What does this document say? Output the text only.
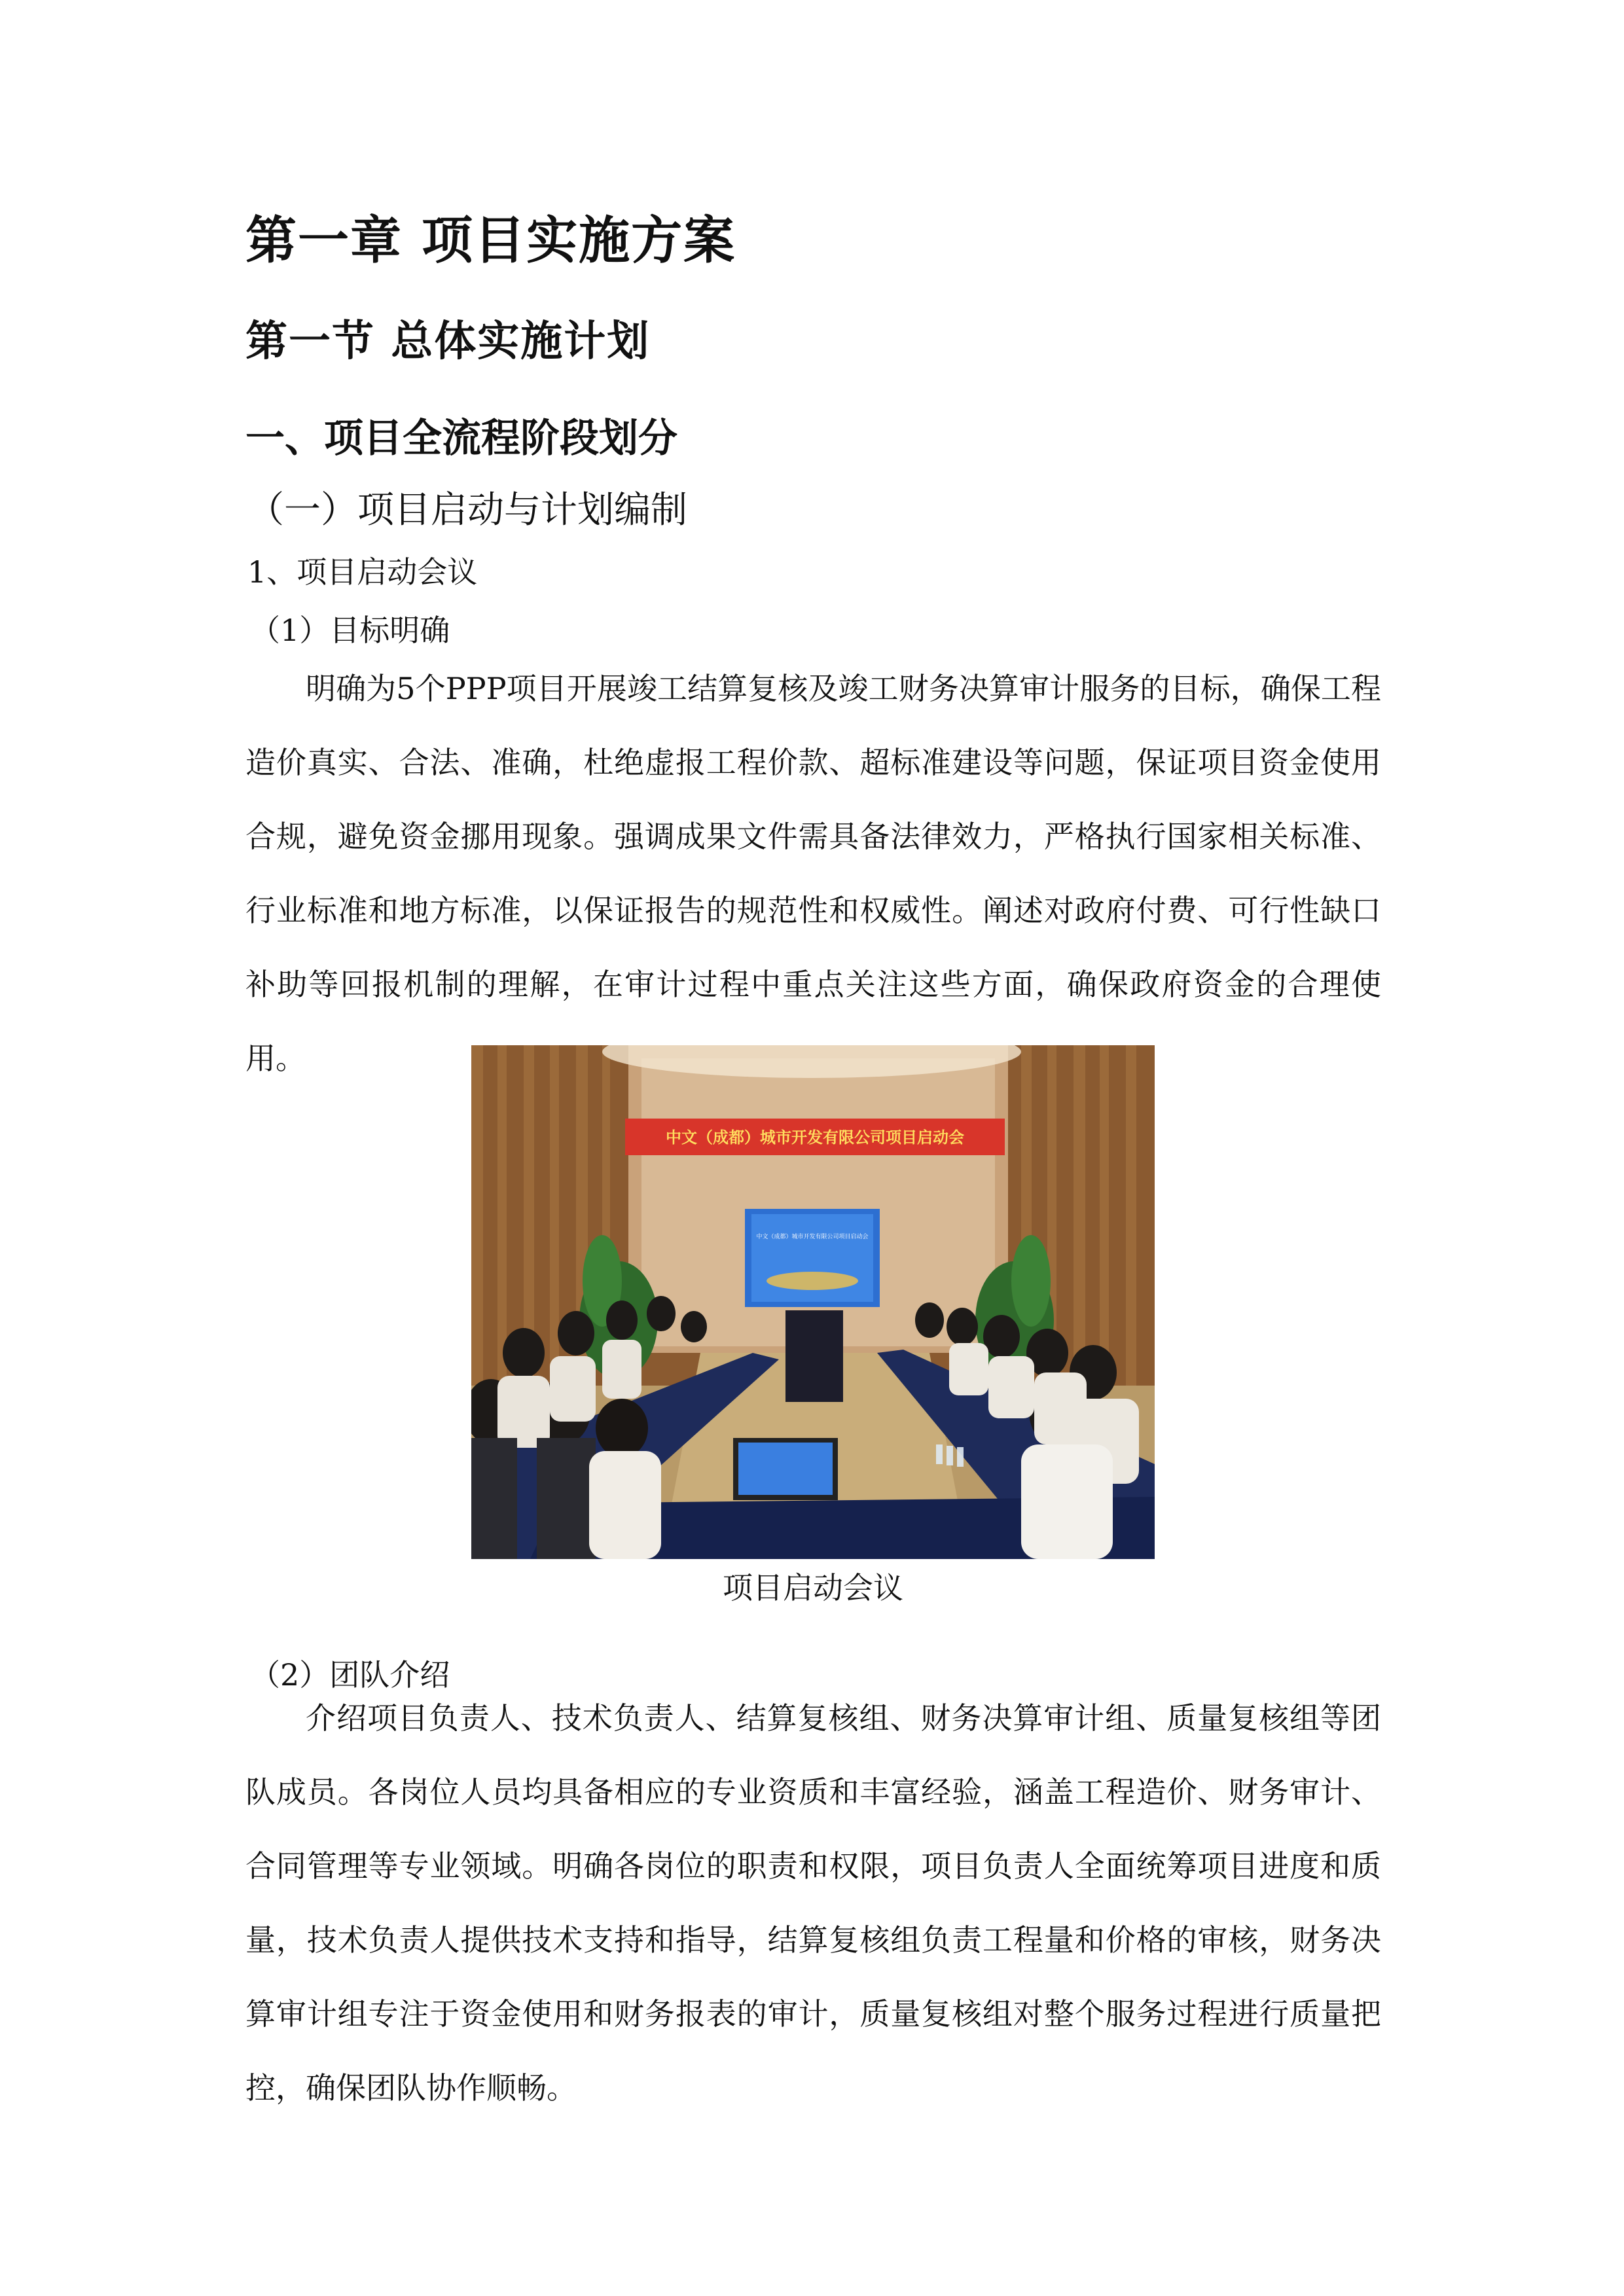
第一章 项目实施方案
第一节 总体实施计划
一、项目全流程阶段划分
（一）项目启动与计划编制
1、项目启动会议
（1）目标明确

明确为5个PPP项目开展竣工结算复核及竣工财务决算审计服务的目标，确保工程造价真实、合法、准确，杜绝虚报工程价款、超标准建设等问题，保证项目资金使用合规，避免资金挪用现象。强调成果文件需具备法律效力，严格执行国家相关标准、行业标准和地方标准，以保证报告的规范性和权威性。阐述对政府付费、可行性缺口补助等回报机制的理解，在审计过程中重点关注这些方面，确保政府资金的合理使用。

中文（成都）城市开发有限公司项目启动会
中文（成都）城市开发有限公司项目启动会
项目启动会议
（2）团队介绍

介绍项目负责人、技术负责人、结算复核组、财务决算审计组、质量复核组等团队成员。各岗位人员均具备相应的专业资质和丰富经验，涵盖工程造价、财务审计、合同管理等专业领域。明确各岗位的职责和权限，项目负责人全面统筹项目进度和质量，技术负责人提供技术支持和指导，结算复核组负责工程量和价格的审核，财务决算审计组专注于资金使用和财务报表的审计，质量复核组对整个服务过程进行质量把控，确保团队协作顺畅。
